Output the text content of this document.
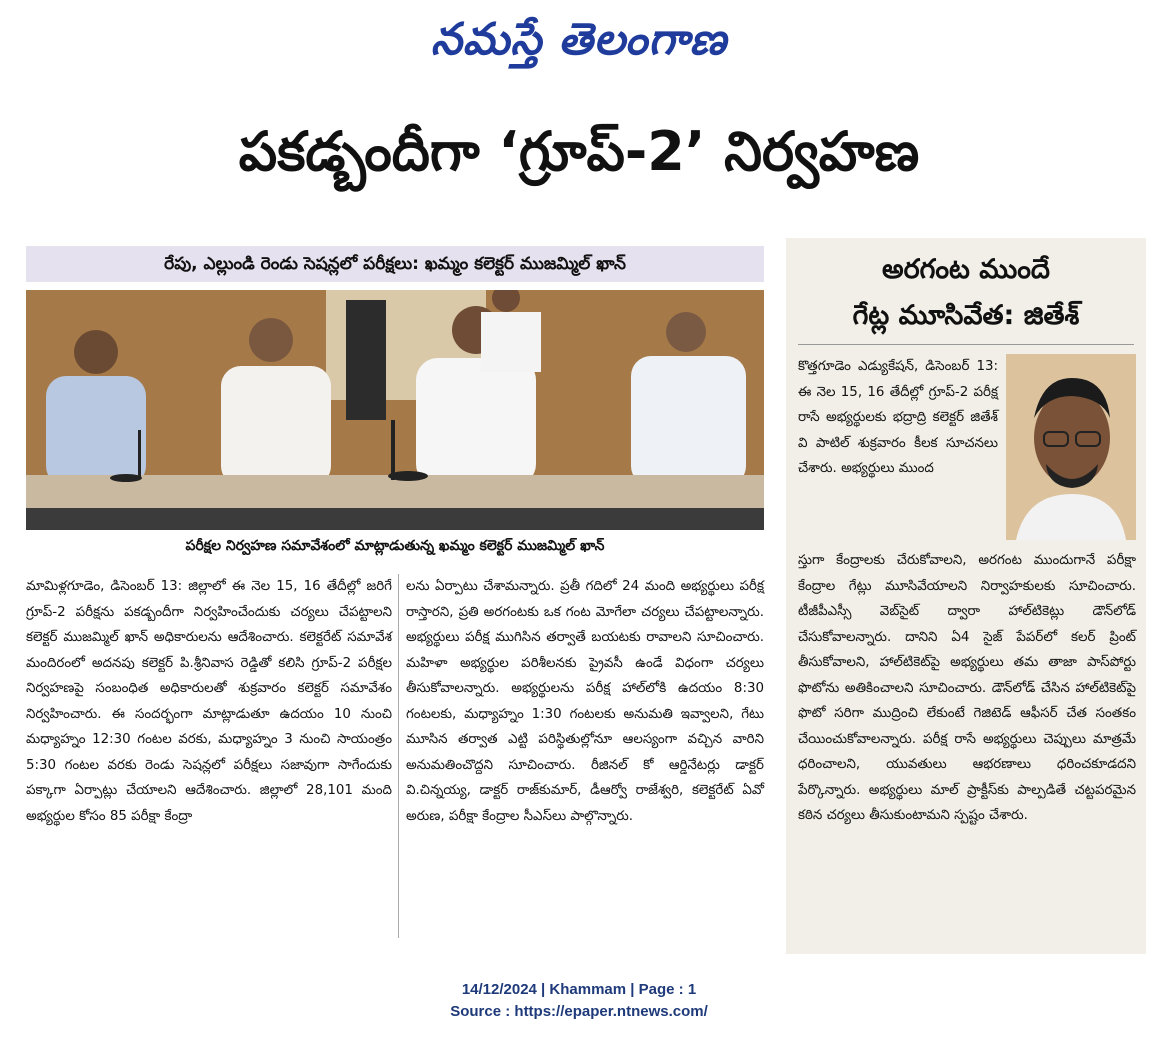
నమస్తే తెలంగాణ
పకడ్బందీగా ‘గ్రూప్-2’ నిర్వహణ
రేపు, ఎల్లుండి రెండు సెషన్లలో పరీక్షలు: ఖమ్మం కలెక్టర్ ముజమ్మిల్ ఖాన్
పరీక్షల నిర్వహణ సమావేశంలో మాట్లాడుతున్న ఖమ్మం కలెక్టర్ ముజమ్మిల్ ఖాన్
మామిళ్లగూడెం, డిసెంబర్ 13: జిల్లాలో ఈ నెల 15, 16 తేదీల్లో జరిగే గ్రూప్-2 పరీక్షను పకడ్బందీగా నిర్వహించేందుకు చర్యలు చేపట్టాలని కలెక్టర్ ముజమ్మిల్ ఖాన్ అధికారులను ఆదేశించారు. కలెక్టరేట్ సమావేశ మందిరంలో అదనపు కలెక్టర్ పి.శ్రీనివాస రెడ్డితో కలిసి గ్రూప్-2 పరీక్షల నిర్వహణపై సంబంధిత అధికారులతో శుక్రవారం కలెక్టర్ సమావేశం నిర్వహించారు. ఈ సందర్భంగా మాట్లాడుతూ ఉదయం 10 నుంచి మధ్యాహ్నం 12:30 గంటల వరకు, మధ్యాహ్నం 3 నుంచి సాయంత్రం 5:30 గంటల వరకు రెండు సెషన్లలో పరీక్షలు సజావుగా సాగేందుకు పక్కాగా ఏర్పాట్లు చేయాలని ఆదేశించారు. జిల్లాలో 28,101 మంది అభ్యర్థుల కోసం 85 పరీక్షా కేంద్రా
లను ఏర్పాటు చేశామన్నారు. ప్రతీ గదిలో 24 మంది అభ్యర్థులు పరీక్ష రాస్తారని, ప్రతి అరగంటకు ఒక గంట మోగేలా చర్యలు చేపట్టాలన్నారు. అభ్యర్థులు పరీక్ష ముగిసిన తర్వాతే బయటకు రావాలని సూచించారు. మహిళా అభ్యర్థుల పరిశీలనకు ప్రైవసీ ఉండే విధంగా చర్యలు తీసుకోవాలన్నారు. అభ్యర్థులను పరీక్ష హాల్‌లోకి ఉదయం 8:30 గంటలకు, మధ్యాహ్నం 1:30 గంటలకు అనుమతి ఇవ్వాలని, గేటు మూసిన తర్వాత ఎట్టి పరిస్థితుల్లోనూ ఆలస్యంగా వచ్చిన వారిని అనుమతించొద్దని సూచించారు. రీజినల్ కో ఆర్డినేటర్లు డాక్టర్ వి.చిన్నయ్య, డాక్టర్ రాజ్‌కుమార్, డీఆర్వో రాజేశ్వరి, కలెక్టరేట్ ఏవో అరుణ, పరీక్షా కేంద్రాల సీఎస్‌లు పాల్గొన్నారు.
అరగంట ముందే
గేట్ల మూసివేత: జితేశ్
కొత్తగూడెం ఎడ్యుకేషన్, డిసెంబర్ 13: ఈ నెల 15, 16 తేదీల్లో గ్రూప్-2 పరీక్ష రాసే అభ్యర్థులకు భద్రాద్రి కలెక్టర్ జితేశ్ వి పాటిల్ శుక్రవారం కీలక సూచనలు చేశారు. అభ్యర్థులు ముంద
స్తుగా కేంద్రాలకు చేరుకోవాలని, అరగంట ముందుగానే పరీక్షా కేంద్రాల గేట్లు మూసివేయాలని నిర్వాహకులకు సూచించారు. టీజీపీఎస్సీ వెబ్‌సైట్ ద్వారా హాల్‌టికెట్లు డౌన్‌లోడ్ చేసుకోవాలన్నారు. దానిని ఏ4 సైజ్ పేపర్‌లో కలర్ ప్రింట్ తీసుకోవాలని, హాల్‌టికెట్‌పై అభ్యర్థులు తమ తాజా పాస్‌పోర్టు ఫొటోను అతికించాలని సూచించారు. డౌన్‌లోడ్ చేసిన హాల్‌టికెట్‌పై ఫొటో సరిగా ముద్రించి లేకుంటే గెజిటెడ్ ఆఫీసర్ చేత సంతకం చేయించుకోవాలన్నారు. పరీక్ష రాసే అభ్యర్థులు చెప్పులు మాత్రమే ధరించాలని, యువతులు ఆభరణాలు ధరించకూడదని పేర్కొన్నారు. అభ్యర్థులు మాల్ ప్రాక్టీస్‌కు పాల్పడితే చట్టపరమైన కఠిన చర్యలు తీసుకుంటామని స్పష్టం చేశారు.
14/12/2024 | Khammam | Page : 1
Source : https://epaper.ntnews.com/
